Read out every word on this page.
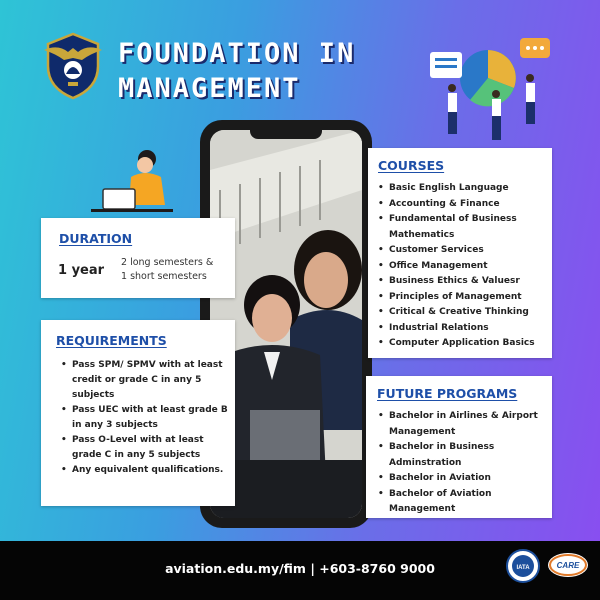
FOUNDATION IN
MANAGEMENT
DURATION
1 year
2 long semesters &
1 short semesters
REQUIREMENTS
• Pass SPM/ SPMV with at least credit or grade C in any 5 subjects
• Pass UEC with at least grade B in any 3 subjects
• Pass O-Level with at least grade C in any 5 subjects
• Any equivalent qualifications.
COURSES
• Basic English Language
• Accounting & Finance
• Fundamental of Business Mathematics
• Customer Services
• Office Management
• Business Ethics & Valuesr
• Principles of Management
• Critical & Creative Thinking
• Industrial Relations
• Computer Application Basics
FUTURE PROGRAMS
• Bachelor in Airlines & Airport Management
• Bachelor in Business Adminstration
• Bachelor in Aviation
• Bachelor of Aviation Management
aviation.edu.my/fim | +603-8760 9000	IATA	CARE
